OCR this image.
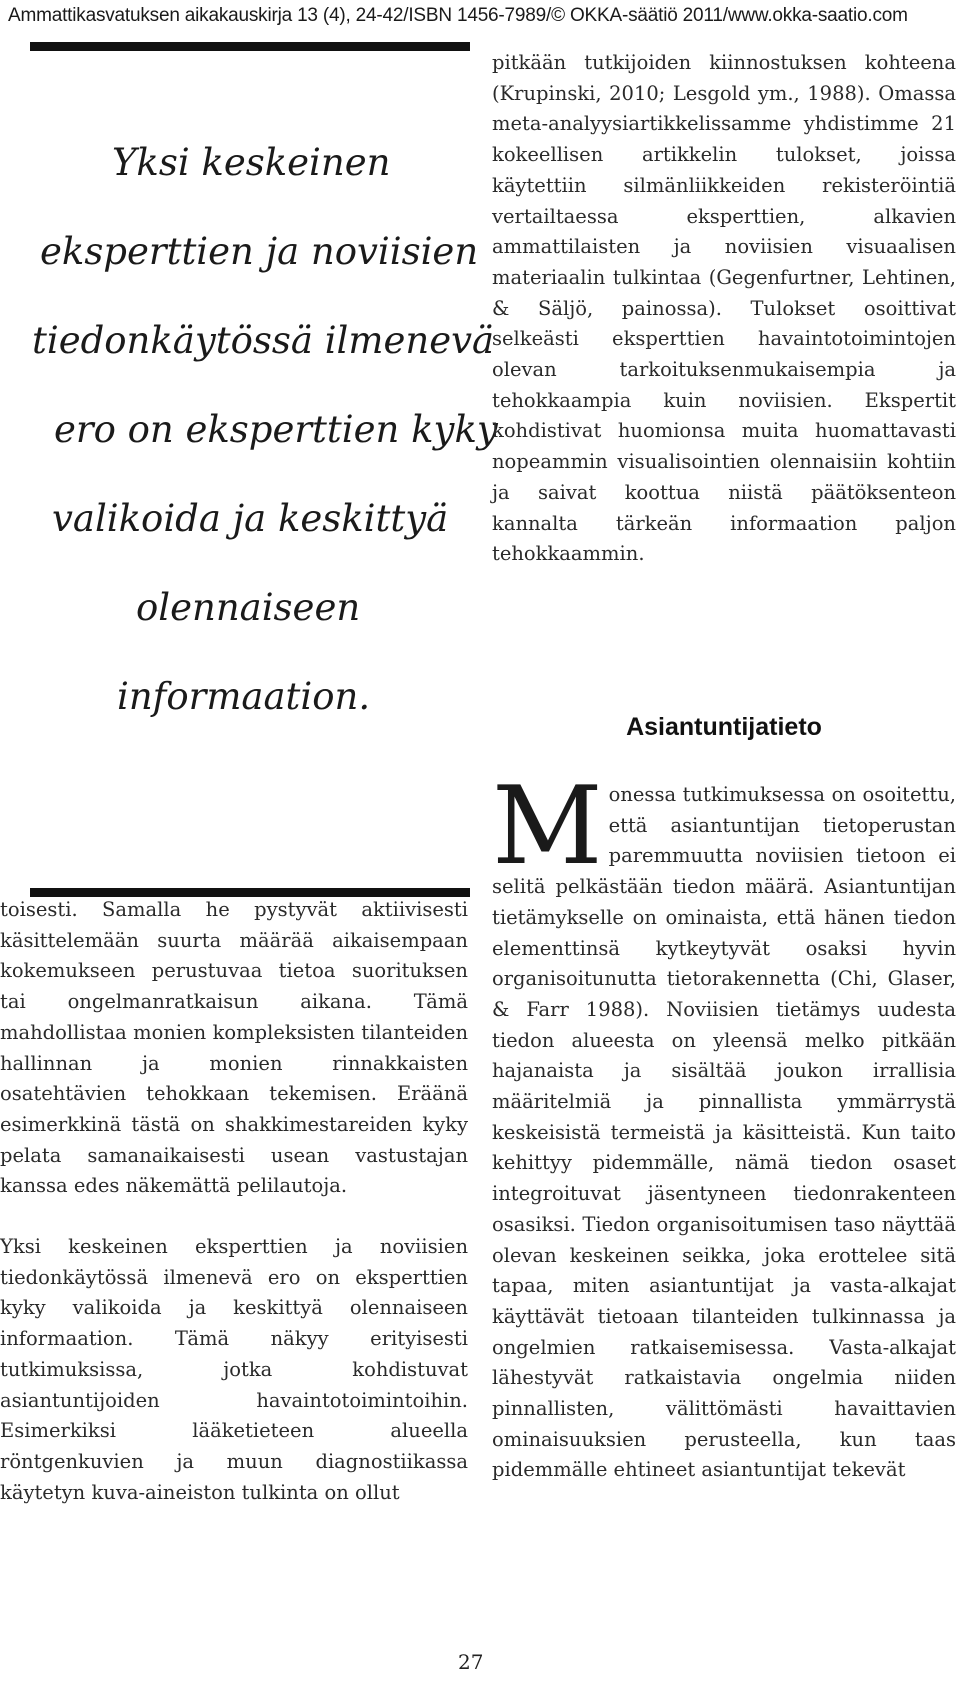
Ammattikasvatuksen aikakauskirja 13 (4), 24-42/ISBN 1456-7989/© OKKA-säätiö 2011/www.okka-saatio.com
Yksi keskeinen
eksperttien ja noviisien
tiedonkäytössä ilmenevä
ero on eksperttien kyky
valikoida ja keskittyä
olennaiseen
informaation.

toisesti. Samalla he pystyvät aktiivisesti käsittelemään suurta määrää aikaisempaan kokemukseen perustuvaa tietoa suorituksen tai ongelmanratkaisun aikana. Tämä mahdollistaa monien kompleksisten tilanteiden hallinnan ja monien rinnakkaisten osatehtävien tehokkaan tekemisen. Eräänä esimerkkinä tästä on shakkimestareiden kyky pelata samanaikaisesti usean vastustajan kanssa edes näkemättä pelilautoja.

Yksi keskeinen eksperttien ja noviisien tiedonkäytössä ilmenevä ero on eksperttien kyky valikoida ja keskittyä olennaiseen informaation. Tämä näkyy erityisesti tutkimuksissa, jotka kohdistuvat asiantuntijoiden havaintotoimintoihin. Esimerkiksi lääketieteen alueella röntgenkuvien ja muun diagnostiikassa käytetyn kuva-aineiston tulkinta on ollut

pitkään tutkijoiden kiinnostuksen kohteena (Krupinski, 2010; Lesgold ym., 1988). Omassa meta-analyysiartikkelissamme yhdistimme 21 kokeellisen artikkelin tulokset, joissa käytettiin silmänliikkeiden rekisteröintiä vertailtaessa eksperttien, alkavien ammattilaisten ja noviisien visuaalisen materiaalin tulkintaa (Gegenfurtner, Lehtinen, & Säljö, painossa). Tulokset osoittivat selkeästi eksperttien havaintotoimintojen olevan tarkoituksenmukaisempia ja tehokkaampia kuin noviisien. Ekspertit kohdistivat huomionsa muita huomattavasti nopeammin visualisointien olennaisiin kohtiin ja saivat koottua niistä päätöksenteon kannalta tärkeän informaation paljon tehokkaammin.

Asiantuntijatieto
M onessa tutkimuksessa on osoitettu, että asiantuntijan tietoperustan paremmuutta noviisien tietoon ei selitä pelkästään tiedon määrä. Asiantuntijan tietämykselle on ominaista, että hänen tiedon elementtinsä kytkeytyvät osaksi hyvin organisoitunutta tietorakennetta (Chi, Glaser, & Farr 1988). Noviisien tietämys uudesta tiedon alueesta on yleensä melko pitkään hajanaista ja sisältää joukon irrallisia määritelmiä ja pinnallista ymmärrystä keskeisistä termeistä ja käsitteistä. Kun taito kehittyy pidemmälle, nämä tiedon osaset integroituvat jäsentyneen tiedonrakenteen osasiksi. Tiedon organisoitumisen taso näyttää olevan keskeinen seikka, joka erottelee sitä tapaa, miten asiantuntijat ja vasta-alkajat käyttävät tietoaan tilanteiden tulkinnassa ja ongelmien ratkaisemisessa. Vasta-alkajat lähestyvät ratkaistavia ongelmia niiden pinnallisten, välittömästi havaittavien ominaisuuksien perusteella, kun taas pidemmälle ehtineet asiantuntijat tekevät

27
